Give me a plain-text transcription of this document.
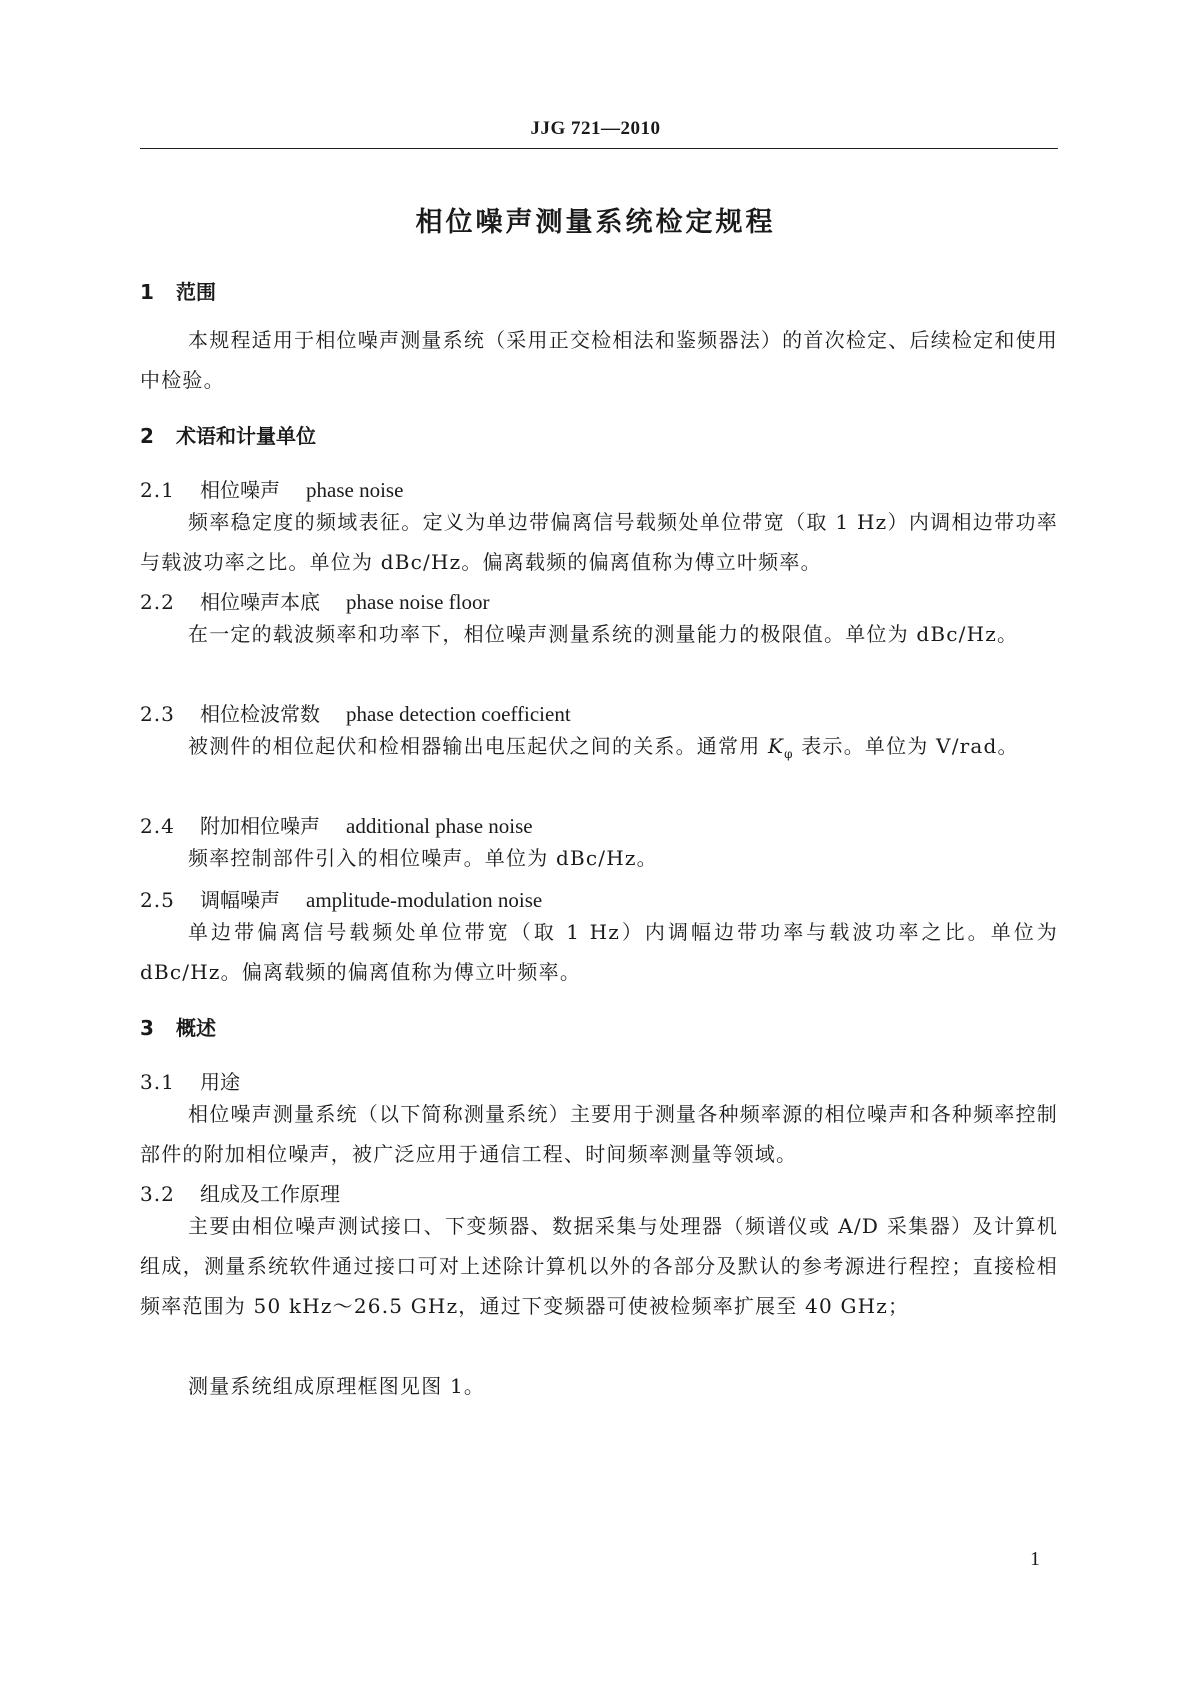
JJG 721—2010
相位噪声测量系统检定规程
1 范围
本规程适用于相位噪声测量系统（采用正交检相法和鉴频器法）的首次检定、后续检定和使用中检验。
2 术语和计量单位
2.1 相位噪声 phase noise
频率稳定度的频域表征。定义为单边带偏离信号载频处单位带宽（取 1 Hz）内调相边带功率与载波功率之比。单位为 dBc/Hz。偏离载频的偏离值称为傅立叶频率。
2.2 相位噪声本底 phase noise floor
在一定的载波频率和功率下，相位噪声测量系统的测量能力的极限值。单位为 dBc/Hz。
2.3 相位检波常数 phase detection coefficient
被测件的相位起伏和检相器输出电压起伏之间的关系。通常用 $K_\varphi$ 表示。单位为 V/rad。
2.4 附加相位噪声 additional phase noise
频率控制部件引入的相位噪声。单位为 dBc/Hz。
2.5 调幅噪声 amplitude-modulation noise
单边带偏离信号载频处单位带宽（取 1 Hz）内调幅边带功率与载波功率之比。单位为 dBc/Hz。偏离载频的偏离值称为傅立叶频率。
3 概述
3.1 用途
相位噪声测量系统（以下简称测量系统）主要用于测量各种频率源的相位噪声和各种频率控制部件的附加相位噪声，被广泛应用于通信工程、时间频率测量等领域。
3.2 组成及工作原理
主要由相位噪声测试接口、下变频器、数据采集与处理器（频谱仪或 A/D 采集器）及计算机组成，测量系统软件通过接口可对上述除计算机以外的各部分及默认的参考源进行程控；直接检相频率范围为 50 kHz～26.5 GHz，通过下变频器可使被检频率扩展至 40 GHz；
测量系统组成原理框图见图 1。
1
